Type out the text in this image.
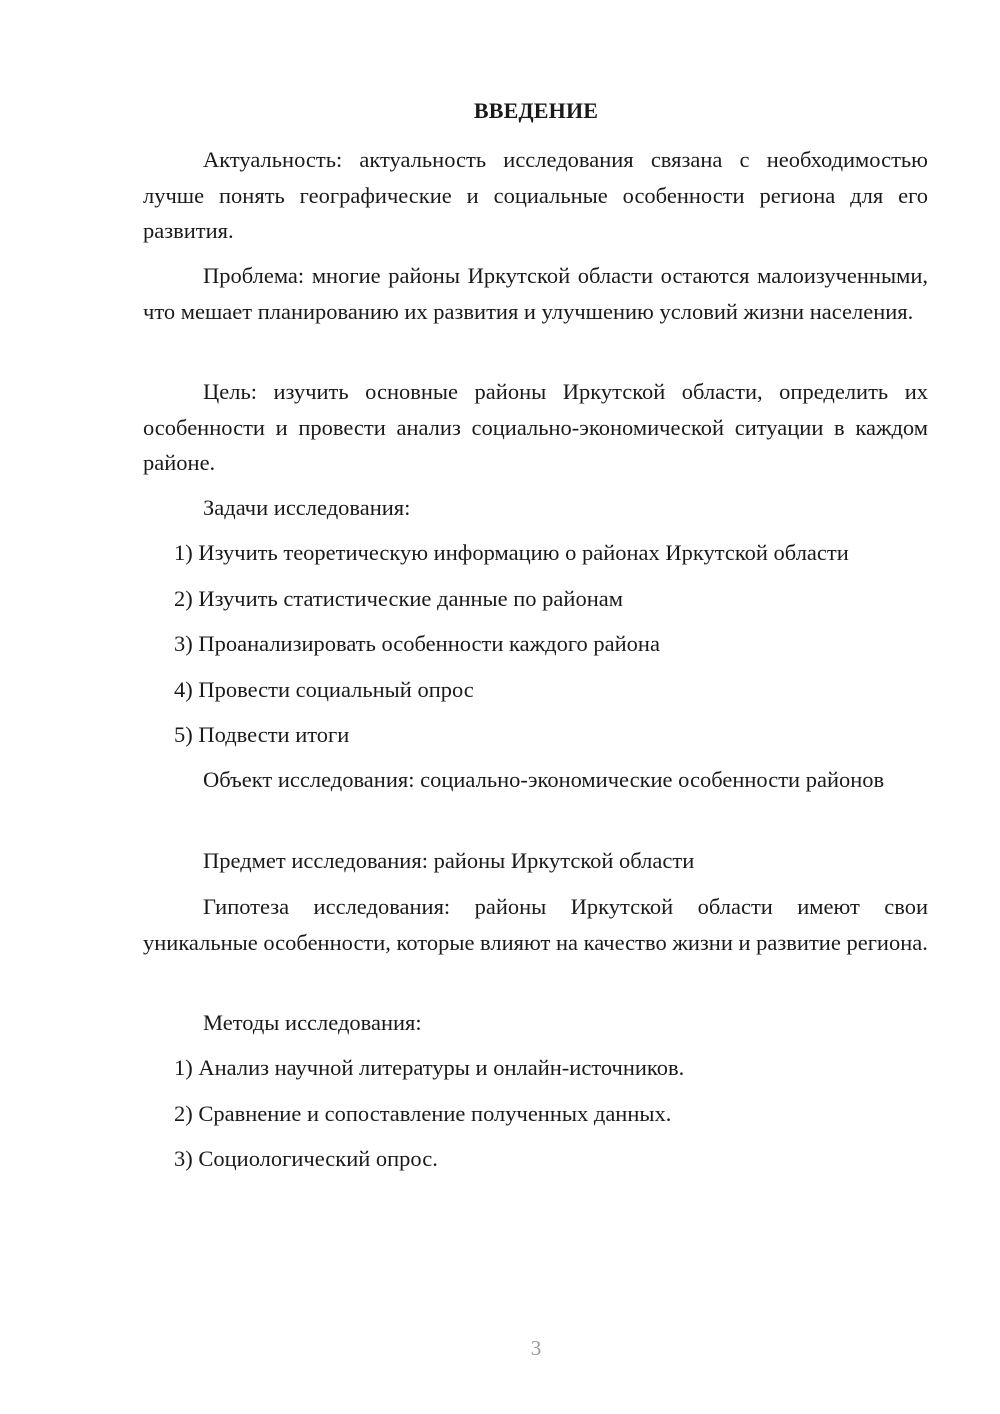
ВВЕДЕНИЕ

Актуальность: актуальность исследования связана с необходимостью лучше понять географические и социальные особенности региона для его развития.

Проблема: многие районы Иркутской области остаются малоизученными, что мешает планированию их развития и улучшению условий жизни населения.

Цель: изучить основные районы Иркутской области, определить их особенности и провести анализ социально-экономической ситуации в каждом районе.

Задачи исследования:

1) Изучить теоретическую информацию о районах Иркутской области

2) Изучить статистические данные по районам

3) Проанализировать особенности каждого района

4) Провести социальный опрос

5) Подвести итоги

Объект исследования: социально-экономические особенности районов

Предмет исследования: районы Иркутской области

Гипотеза исследования: районы Иркутской области имеют свои уникальные особенности, которые влияют на качество жизни и развитие региона.

Методы исследования:

1) Анализ научной литературы и онлайн-источников.

2) Сравнение и сопоставление полученных данных.

3) Социологический опрос.

3
